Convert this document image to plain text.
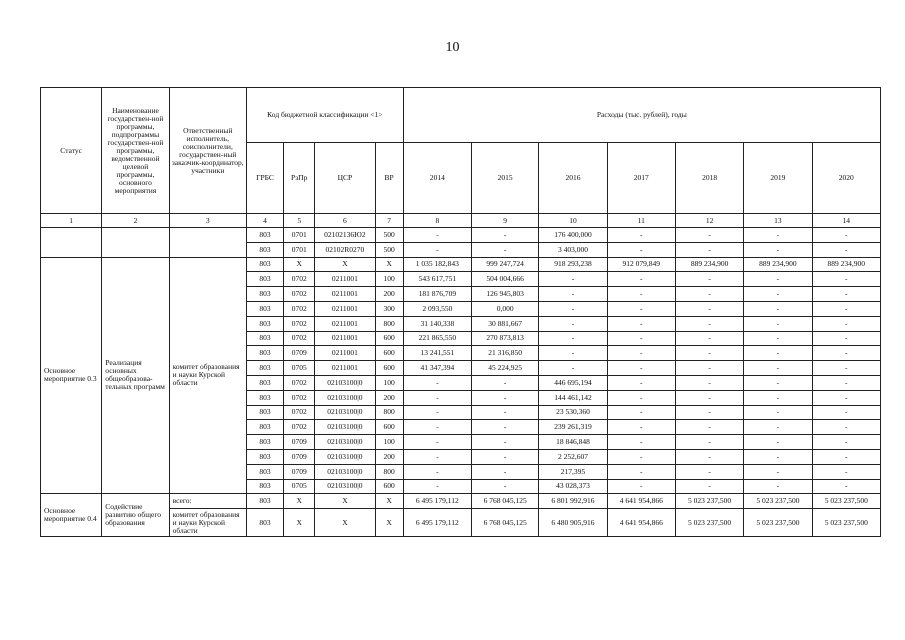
10
Статус	Наименование государствен-ной программы, подпрограммы государствен-ной программы, ведомственной целевой программы, основного мероприятия	Ответственный исполнитель, соисполнители, государствен-ный заказчик-координатор, участники	Код бюджетной классификации <1>				Расходы (тыс. рублей), годы						
			ГРБС	РзПр	ЦСР	ВР	2014	2015	2016	2017	2018	2019	2020
1	2	3	4	5	6	7	8	9	10	11	12	13	14
			803	0701	02102136Ю2	500	-	-	176 400,000	-	-	-	-
			803	0701	02102R0270	500	-	-	3 403,000	-	-	-	-
Основное мероприятие 0.3	Реализация основных общеобразова-тельных программ	комитет образования и науки Курской области	803	Х	Х	Х	1 035 182,843	999 247,724	918 293,238	912 079,849	889 234,900	889 234,900	889 234,900
			803	0702	0211001	100	543 617,751	504 004,666	-	-	-	-	-
			803	0702	0211001	200	181 876,709	126 945,803	-	-	-	-	-
			803	0702	0211001	300	2 093,550	0,000	-	-	-	-	-
			803	0702	0211001	800	31 140,338	30 881,667	-	-	-	-	-
			803	0702	0211001	600	221 865,550	270 873,813	-	-	-	-	-
			803	0709	0211001	600	13 241,551	21 316,850	-	-	-	-	-
			803	0705	0211001	600	41 347,394	45 224,925	-	-	-	-	-
			803	0702	02103100|0	100	-	-	446 695,194	-	-	-	-
			803	0702	02103100|0	200	-	-	144 461,142	-	-	-	-
			803	0702	02103100|0	800	-	-	23 530,360	-	-	-	-
			803	0702	02103100|0	600	-	-	239 261,319	-	-	-	-
			803	0709	02103100|0	100	-	-	18 846,848	-	-	-	-
			803	0709	02103100|0	200	-	-	2 252,607	-	-	-	-
			803	0709	02103100|0	800	-	-	217,395	-	-	-	-
			803	0705	02103100|0	600	-	-	43 028,373	-	-	-	-
Основное мероприятие 0.4	Содействие развитию общего образования	всего:	803	Х	Х	Х	6 495 179,112	6 768 045,125	6 801 992,916	4 641 954,866	5 023 237,500	5 023 237,500	5 023 237,500
		комитет образования и науки Курской области	803	Х	Х	Х	6 495 179,112	6 768 045,125	6 480 905,916	4 641 954,866	5 023 237,500	5 023 237,500	5 023 237,500
